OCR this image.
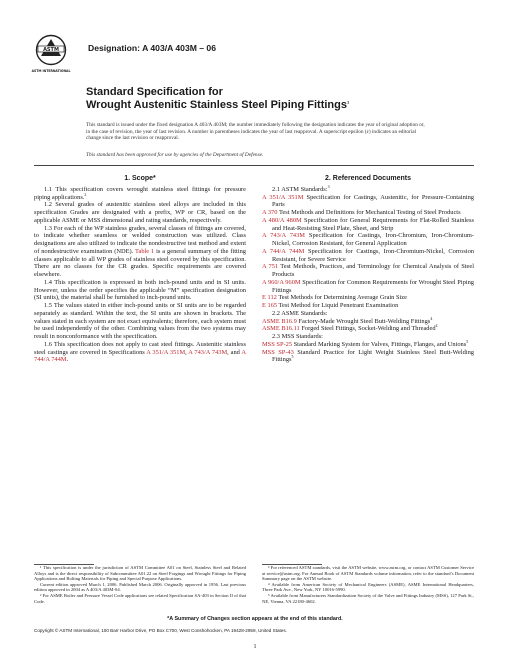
ASTM
ASTM INTERNATIONAL
Designation: A 403/A 403M – 06
Standard Specification for
Wrought Austenitic Stainless Steel Piping Fittings$^1$
This standard is issued under the fixed designation A 403/A 403M; the number immediately following the designation indicates the year of original adoption or, in the case of revision, the year of last revision. A number in parentheses indicates the year of last reapproval. A superscript epsilon (ε) indicates an editorial change since the last revision or reapproval.
This standard has been approved for use by agencies of the Department of Defense.
1. Scope*

1.1 This specification covers wrought stainless steel fittings for pressure piping applications.$^2$

1.2 Several grades of austenitic stainless steel alloys are included in this specification Grades are designated with a prefix, WP or CR, based on the applicable ASME or MSS dimensional and rating standards, respectively.

1.3 For each of the WP stainless grades, several classes of fittings are covered, to indicate whether seamless or welded construction was utilized. Class designations are also utilized to indicate the nondestructive test method and extent of nondestructive examination (NDE). Table 1 is a general summary of the fitting classes applicable to all WP grades of stainless steel covered by this specification. There are no classes for the CR grades. Specific requirements are covered elsewhere.

1.4 This specification is expressed in both inch-pound units and in SI units. However, unless the order specifies the applicable “M” specification designation (SI units), the material shall be furnished to inch-pound units.

1.5 The values stated in either inch-pound units or SI units are to be regarded separately as standard. Within the text, the SI units are shown in brackets. The values stated in each system are not exact equivalents; therefore, each system must be used independently of the other. Combining values from the two systems may result in nonconformance with the specification.

1.6 This specification does not apply to cast steel fittings. Austenitic stainless steel castings are covered in Specifications A 351/A 351M, A 743/A 743M, and A 744/A 744M.

2. Referenced Documents

2.1 ASTM Standards:$^3$

A 351/A 351M Specification for Castings, Austenitic, for Pressure-Containing Parts

A 370 Test Methods and Definitions for Mechanical Testing of Steel Products

A 480/A 480M Specification for General Requirements for Flat-Rolled Stainless and Heat-Resisting Steel Plate, Sheet, and Strip

A 743/A 743M Specification for Castings, Iron-Chromium, Iron-Chromium-Nickel, Corrosion Resistant, for General Application

A 744/A 744M Specification for Castings, Iron-Chromium-Nickel, Corrosion Resistant, for Severe Service

A 751 Test Methods, Practices, and Terminology for Chemical Analysis of Steel Products

A 960/A 960M Specification for Common Requirements for Wrought Steel Piping Fittings

E 112 Test Methods for Determining Average Grain Size

E 165 Test Method for Liquid Penetrant Examination

2.2 ASME Standards:

ASME B16.9 Factory-Made Wrought Steel Butt-Welding Fittings$^4$

ASME B16.11 Forged Steel Fittings, Socket-Welding and Threaded$^4$

2.3 MSS Standards:

MSS SP-25 Standard Marking System for Valves, Fittings, Flanges, and Unions$^5$

MSS SP-43 Standard Practice for Light Weight Stainless Steel Butt-Welding Fittings$^5$

¹ This specification is under the jurisdiction of ASTM Committee A01 on Steel, Stainless Steel and Related Alloys and is the direct responsibility of Subcommittee A01.22 on Steel Forgings and Wrought Fittings for Piping Applications and Bolting Materials for Piping and Special Purpose Applications.

Current edition approved March 1, 2006. Published March 2006. Originally approved in 1956. Last previous edition approved in 2004 as A 403/A 403M-04.

² For ASME Boiler and Pressure Vessel Code applications see related Specification SA-403 in Section II of that Code.

³ For referenced ASTM standards, visit the ASTM website, www.astm.org, or contact ASTM Customer Service at service@astm.org. For Annual Book of ASTM Standards volume information, refer to the standard’s Document Summary page on the ASTM website.

⁴ Available from American Society of Mechanical Engineers (ASME), ASME International Headquarters, Three Park Ave., New York, NY 10016-5990.

⁵ Available from Manufacturers Standardization Society of the Valve and Fittings Industry (MSS), 127 Park St., NE, Vienna, VA 22180-4602.

*A Summary of Changes section appears at the end of this standard.
Copyright © ASTM International, 100 Barr Harbor Drive, PO Box C700, West Conshohocken, PA 19428-2959, United States.
1
